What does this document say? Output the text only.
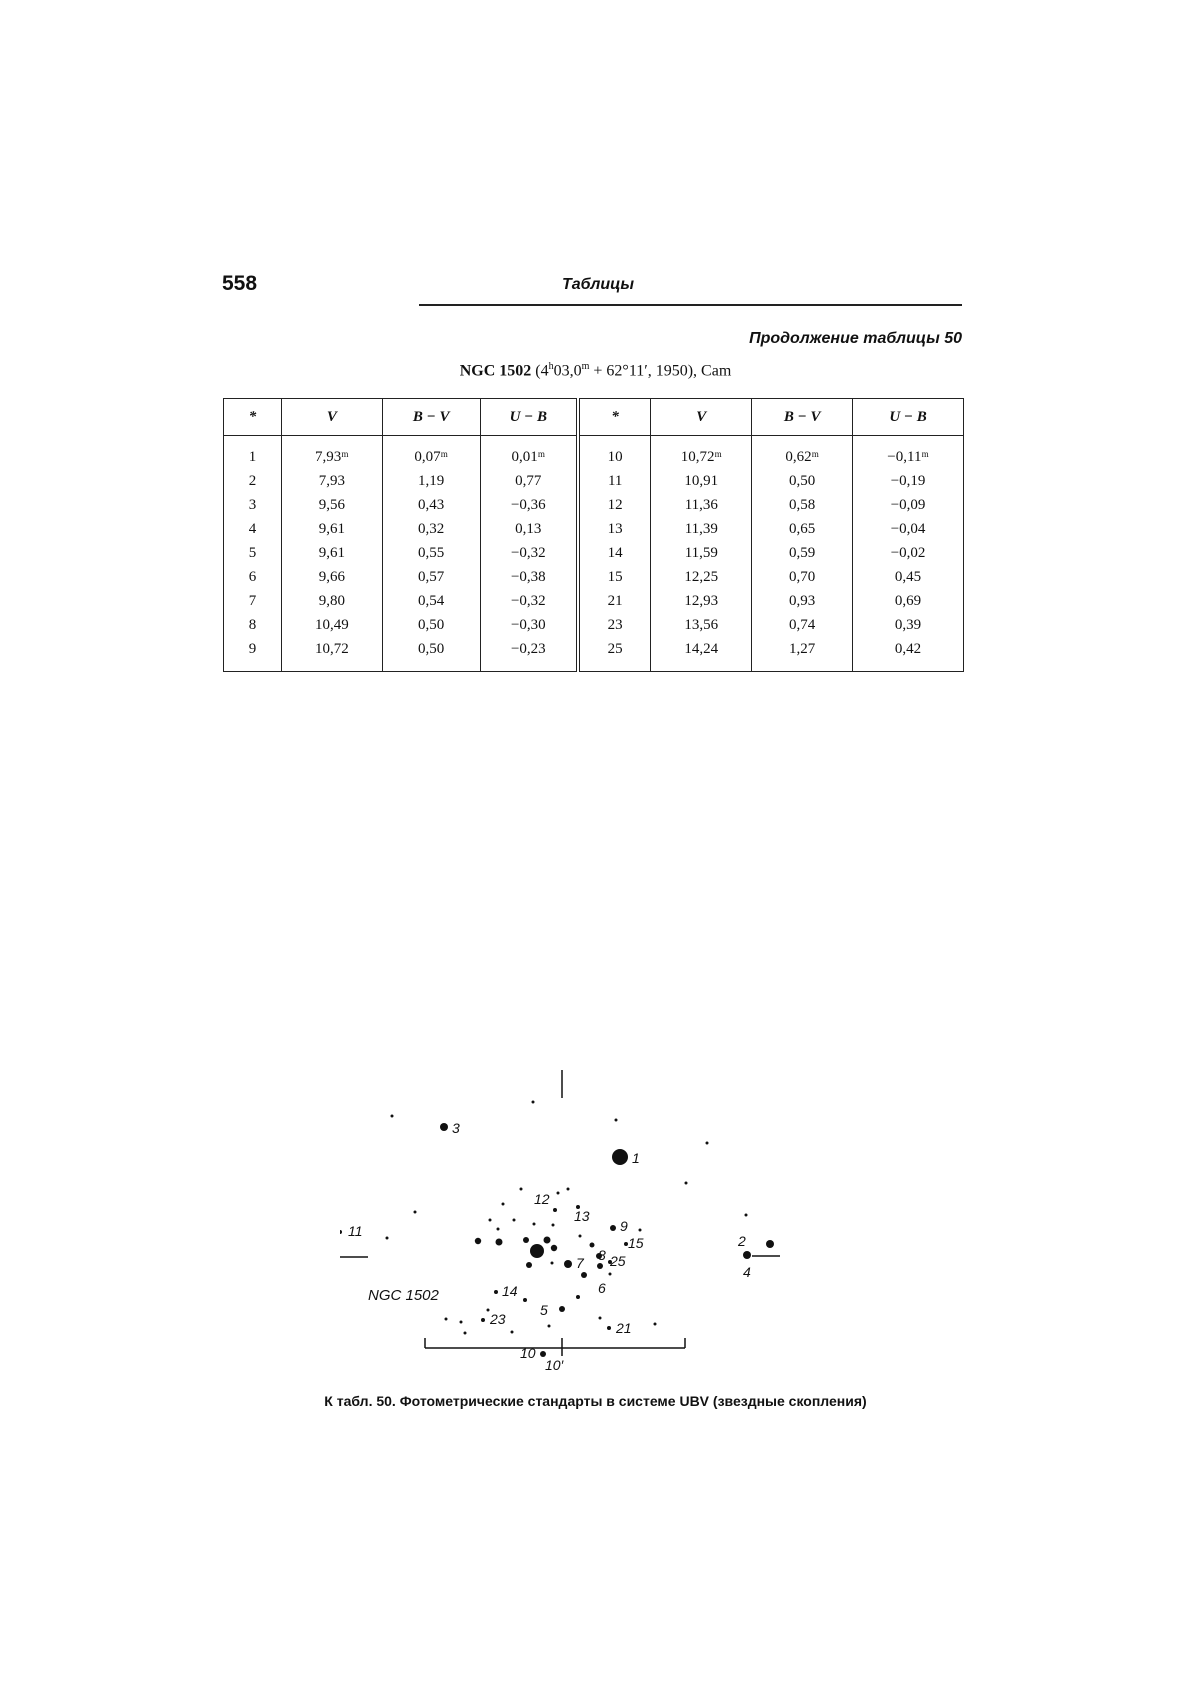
558	Таблицы
Продолжение таблицы 50
NGC 1502 ($4^h03,0^m + 62^\circ 11'$, 1950), Cam
*	V	B − V	U − B	*	V	B − V	U − B
1	7,93ᵐ	0,07ᵐ	0,01ᵐ	10	10,72ᵐ	0,62ᵐ	−0,11ᵐ
2	7,93	1,19	0,77	11	10,91	0,50	−0,19
3	9,56	0,43	−0,36	12	11,36	0,58	−0,09
4	9,61	0,32	0,13	13	11,39	0,65	−0,04
5	9,61	0,55	−0,32	14	11,59	0,59	−0,02
6	9,66	0,57	−0,38	15	12,25	0,70	0,45
7	9,80	0,54	−0,32	21	12,93	0,93	0,69
8	10,49	0,50	−0,30	23	13,56	0,74	0,39
9	10,72	0,50	−0,23	25	14,24	1,27	0,42
1
2
3
4
5
6
7 8
9
10
11
12
13
14
15
21
23
25
10′
NGC 1502
К табл. 50. Фотометрические стандарты в системе UBV (звездные скопления)
